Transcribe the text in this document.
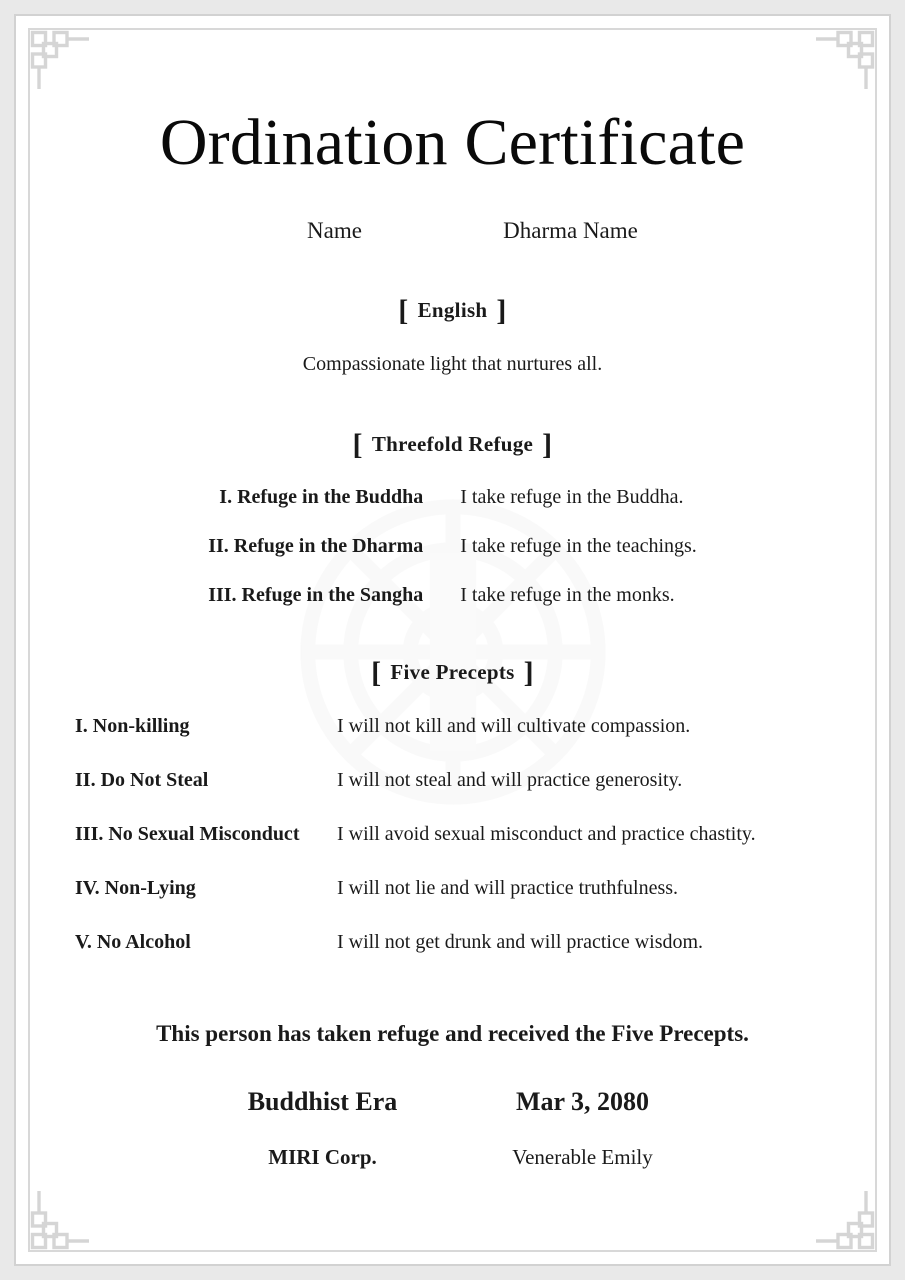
Ordination Certificate
Name	Dharma Name
[ English ]
Compassionate light that nurtures all.
[ Threefold Refuge ]
I. Refuge in the Buddha	I take refuge in the Buddha.
II. Refuge in the Dharma	I take refuge in the teachings.
III. Refuge in the Sangha	I take refuge in the monks.
[ Five Precepts ]
I. Non-killing	I will not kill and will cultivate compassion.
II. Do Not Steal	I will not steal and will practice generosity.
III. No Sexual Misconduct	I will avoid sexual misconduct and practice chastity.
IV. Non-Lying	I will not lie and will practice truthfulness.
V. No Alcohol	I will not get drunk and will practice wisdom.
This person has taken refuge and received the Five Precepts.
Buddhist Era	Mar 3, 2080
MIRI Corp.	Venerable Emily
